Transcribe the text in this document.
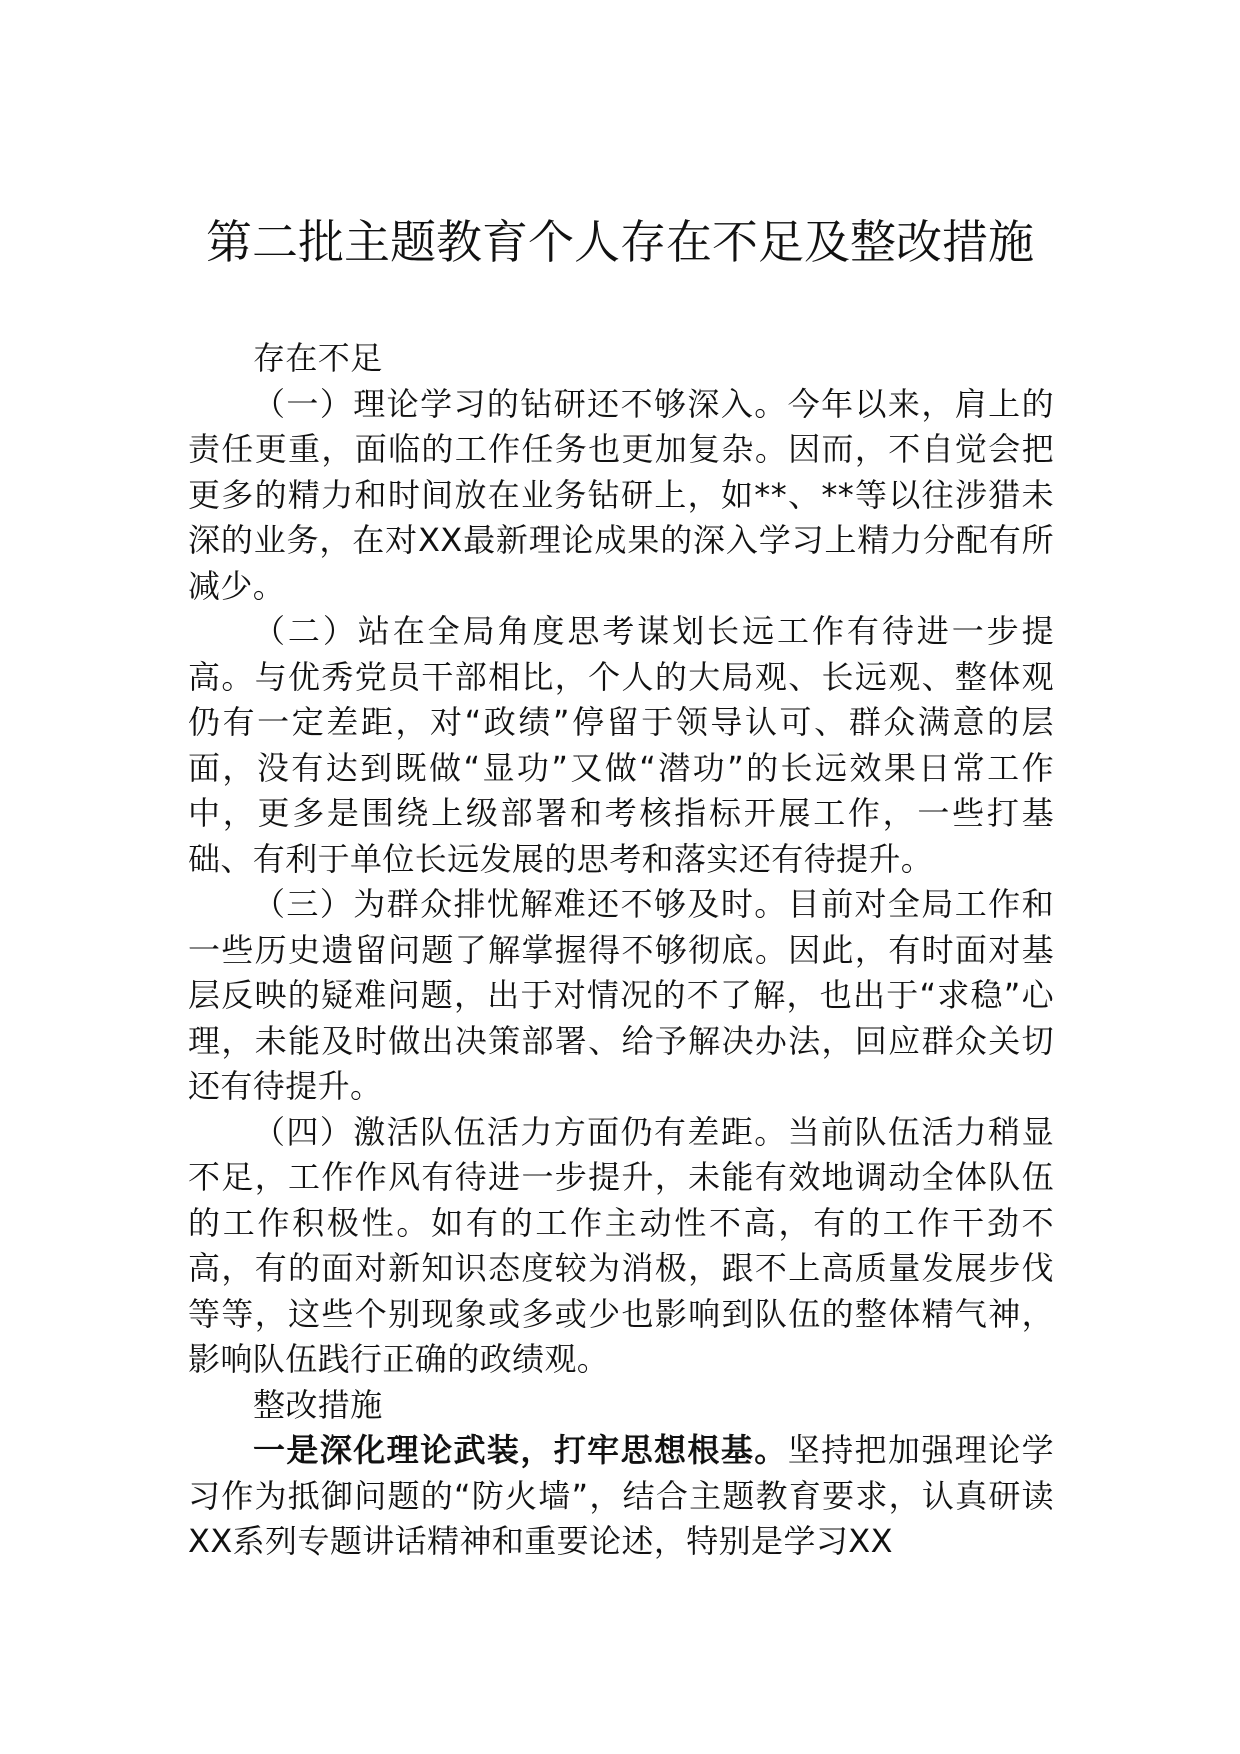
第二批主题教育个人存在不足及整改措施

存在不足

（一）理论学习的钻研还不够深入。今年以来，肩上的责任更重，面临的工作任务也更加复杂。因而，不自觉会把更多的精力和时间放在业务钻研上，如**、**等以往涉猎未深的业务，在对XX最新理论成果的深入学习上精力分配有所减少。

（二）站在全局角度思考谋划长远工作有待进一步提高。与优秀党员干部相比，个人的大局观、长远观、整体观仍有一定差距，对“政绩”停留于领导认可、群众满意的层面，没有达到既做“显功”又做“潜功”的长远效果日常工作中，更多是围绕上级部署和考核指标开展工作，一些打基础、有利于单位长远发展的思考和落实还有待提升。

（三）为群众排忧解难还不够及时。目前对全局工作和一些历史遗留问题了解掌握得不够彻底。因此，有时面对基层反映的疑难问题，出于对情况的不了解，也出于“求稳”心理，未能及时做出决策部署、给予解决办法，回应群众关切还有待提升。

（四）激活队伍活力方面仍有差距。当前队伍活力稍显不足，工作作风有待进一步提升，未能有效地调动全体队伍的工作积极性。如有的工作主动性不高，有的工作干劲不高，有的面对新知识态度较为消极，跟不上高质量发展步伐等等，这些个别现象或多或少也影响到队伍的整体精气神，影响队伍践行正确的政绩观。

整改措施

一是深化理论武装，打牢思想根基。坚持把加强理论学习作为抵御问题的“防火墙”，结合主题教育要求，认真研读XX系列专题讲话精神和重要论述，特别是学习XX
